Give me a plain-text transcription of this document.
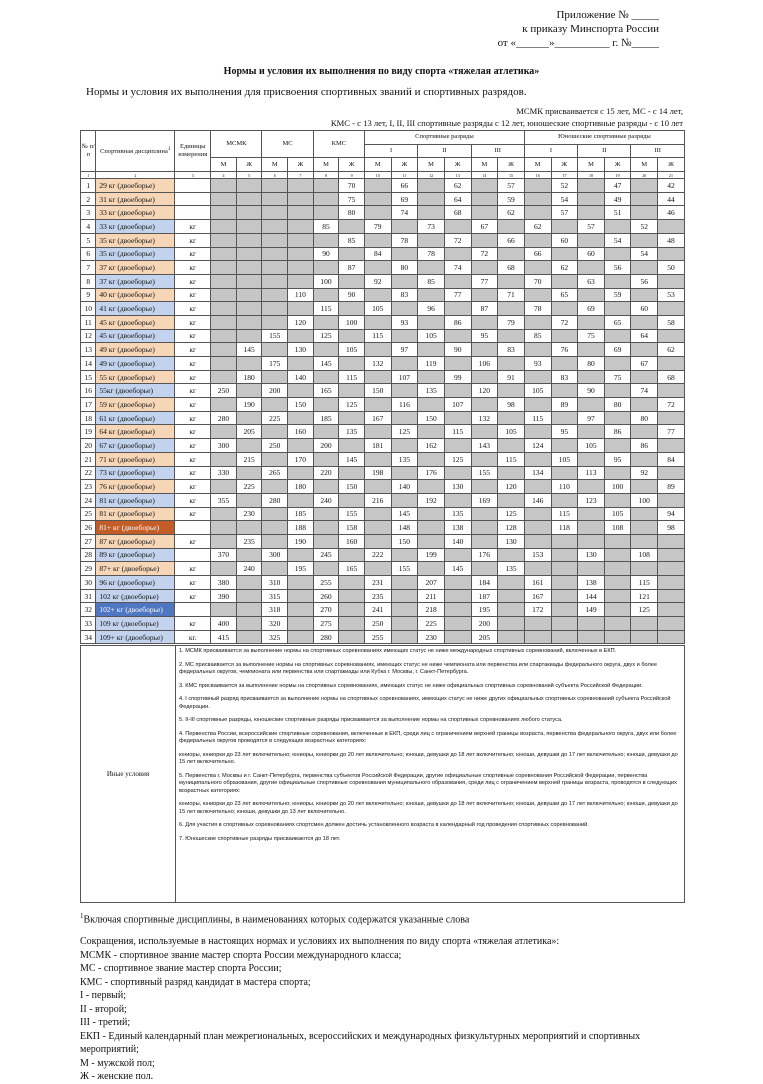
Приложение № _____
к приказу Минспорта России
от «______»__________ г. №_____
Нормы и условия их выполнения по виду спорта «тяжелая атлетика»
Нормы и условия их выполнения для присвоения спортивных званий и спортивных разрядов.
МСМК присваивается с 15 лет, МС - с 14 лет,
КМС - с 13 лет, I, II, III спортивные разряды с 12 лет, юношеские спортивные разряды - с 10 лет
№ п/п	Спортивная дисциплина$^1$	Единицы измерения	МСМК		МС		КМС		Спортивные разряды						Юношеские спортивные разряды					
									I		II		III		I		II		III	
			М	Ж	М	Ж	М	Ж	М	Ж	М	Ж	М	Ж	М	Ж	М	Ж	М	Ж
1	2	3	4	5	6	7	8	9	10	11	12	13	14	15	16	17	18	19	20	21
1	29 кг (двоеборье)							70		66		62		57		52		47		42
2	31 кг (двоеборье)							75		69		64		59		54		49		44
3	33 кг (двоеборье)							80		74		68		62		57		51		46
4	33 кг (двоеборье)	кг					85		79		73		67		62		57		52	
5	35 кг (двоеборье)	кг						85		78		72		66		60		54		48
6	35 кг (двоеборье)	кг					90		84		78		72		66		60		54	
7	37 кг (двоеборье)	кг						87		80		74		68		62		56		50
8	37 кг (двоеборье)	кг					100		92		85		77		70		63		56	
9	40 кг (двоеборье)	кг				110		90		83		77		71		65		59		53
10	41 кг (двоеборье)	кг					115		105		96		87		78		69		60	
11	45 кг (двоеборье)	кг				120		100		93		86		79		72		65		58
12	45 кг (двоеборье)	кг			155		125		115		105		95		85		75		64	
13	49 кг (двоеборье)	кг		145		130		105		97		90		83		76		69		62
14	49 кг (двоеборье)	кг			175		145		132		119		106		93		80		67	
15	55 кг (двоеборье)	кг		180		140		115		107		99		91		83		75		68
16	55кг (двоеборье)	кг	250		200		165		150		135		120		105		90		74	
17	59 кг (двоеборье)	кг		190		150		125		116		107		98		89		80		72
18	61 кг (двоеборье)	кг	280		225		185		167		150		132		115		97		80	
19	64 кг (двоеборье)	кг		205		160		135		125		115		105		95		86		77
20	67 кг (двоеборье)	кг	300		250		200		181		162		143		124		105		86	
21	71 кг (двоеборье)	кг		215		170		145		135		125		115		105		95		84
22	73 кг (двоеборье)	кг	330		265		220		198		176		155		134		113		92	
23	76 кг (двоеборье)	кг		225		180		150		140		130		120		110		100		89
24	81 кг (двоеборье)	кг	355		280		240		216		192		169		146		123		100	
25	81 кг (двоеборье)	кг		230		185		155		145		135		125		115		105		94
26	81+ кг (двоеборье)					188		158		148		138		128		118		108		98
27	87 кг (двоеборье)	кг		235		190		160		150		140		130						
28	89 кг (двоеборье)		370		300		245		222		199		176		153		130		108	
29	87+ кг (двоеборье)	кг		240		195		165		155		145		135						
30	96 кг (двоеборье)	кг	380		310		255		231		207		184		161		138		115	
31	102 кг (двоеборье)	кг	390		315		260		235		211		187		167		144		121	
32	102+ кг (двоеборье)				318		270		241		218		195		172		149		125	
33	109 кг (двоеборье)	кг	400		320		275		250		225		200							
34	109+ кг (двоеборье)	кг.	415		325		280		255		230		205							
Иные условия

1. МСМК присваивается за выполнение нормы на спортивных соревнованиях имеющих статус не ниже международных спортивных соревнований, включенных в ЕКП.

2. МС присваивается за выполнение нормы на спортивных соревнованиях, имеющих статус не ниже чемпионата или первенства или спартакиады федерального округа, двух и более федеральных округов, чемпионата или первенства или спартакиады или Кубка г. Москвы, г. Санкт-Петербурга.

3. КМС присваивается за выполнение нормы на спортивных соревнованиях, имеющих статус не ниже официальных спортивных соревнований субъекта Российской Федерации.

4. I спортивный разряд присваивается за выполнение нормы на спортивных соревнованиях, имеющих статус не ниже других официальных спортивных соревнований субъекта Российской Федерации.

5. II-III спортивные разряды, юношеские спортивные разряды присваивается за выполнение нормы на спортивных соревнованиях любого статуса.

4. Первенства России, всероссийские спортивные соревнования, включенные в ЕКП, среди лиц с ограничением верхней границы возраста, первенства федерального округа, двух или более федеральных округов проводятся в следующих возрастных категориях:

юниоры, юниорки до 23 лет включительно; юниоры, юниорки до 20 лет включительно; юноши, девушки до 18 лет включительно; юноши, девушки до 17 лет включительно; юноши, девушки до 15 лет включительно.

5. Первенства г. Москвы и г. Санкт-Петербурга, первенства субъектов Российской Федерации, другие официальные спортивные соревнования Российской Федерации, первенства муниципального образования, другие официальные спортивные соревнования муниципального образования, среди лиц с ограничением верхней границы возраста, проводятся в следующих возрастных категориях:

юниоры, юниорки до 23 лет включительно; юниоры, юниорки до 20 лет включительно; юноши, девушки до 18 лет включительно; юноши, девушки до 17 лет включительно; юноши, девушки до 15 лет включительно; юноши, девушки до 13 лет включительно.

6. Для участия в спортивных соревнованиях спортсмен должен достичь установленного возраста в календарный год проведения спортивных соревнований.

7. Юношеские спортивные разряды присваиваются до 18 лет.

$^1$Включая спортивные дисциплины, в наименованиях которых содержатся указанные слова
Сокращения, используемые в настоящих нормах и условиях их выполнения по виду спорта «тяжелая атлетика»:
МСМК - спортивное звание мастер спорта России международного класса;
МС - спортивное звание мастер спорта России;
КМС - спортивный разряд кандидат в мастера спорта;
I - первый;
II - второй;
III - третий;
ЕКП - Единый календарный план межрегиональных, всероссийских и международных физкультурных мероприятий и спортивных мероприятий;
М - мужской пол;
Ж - женские пол.
